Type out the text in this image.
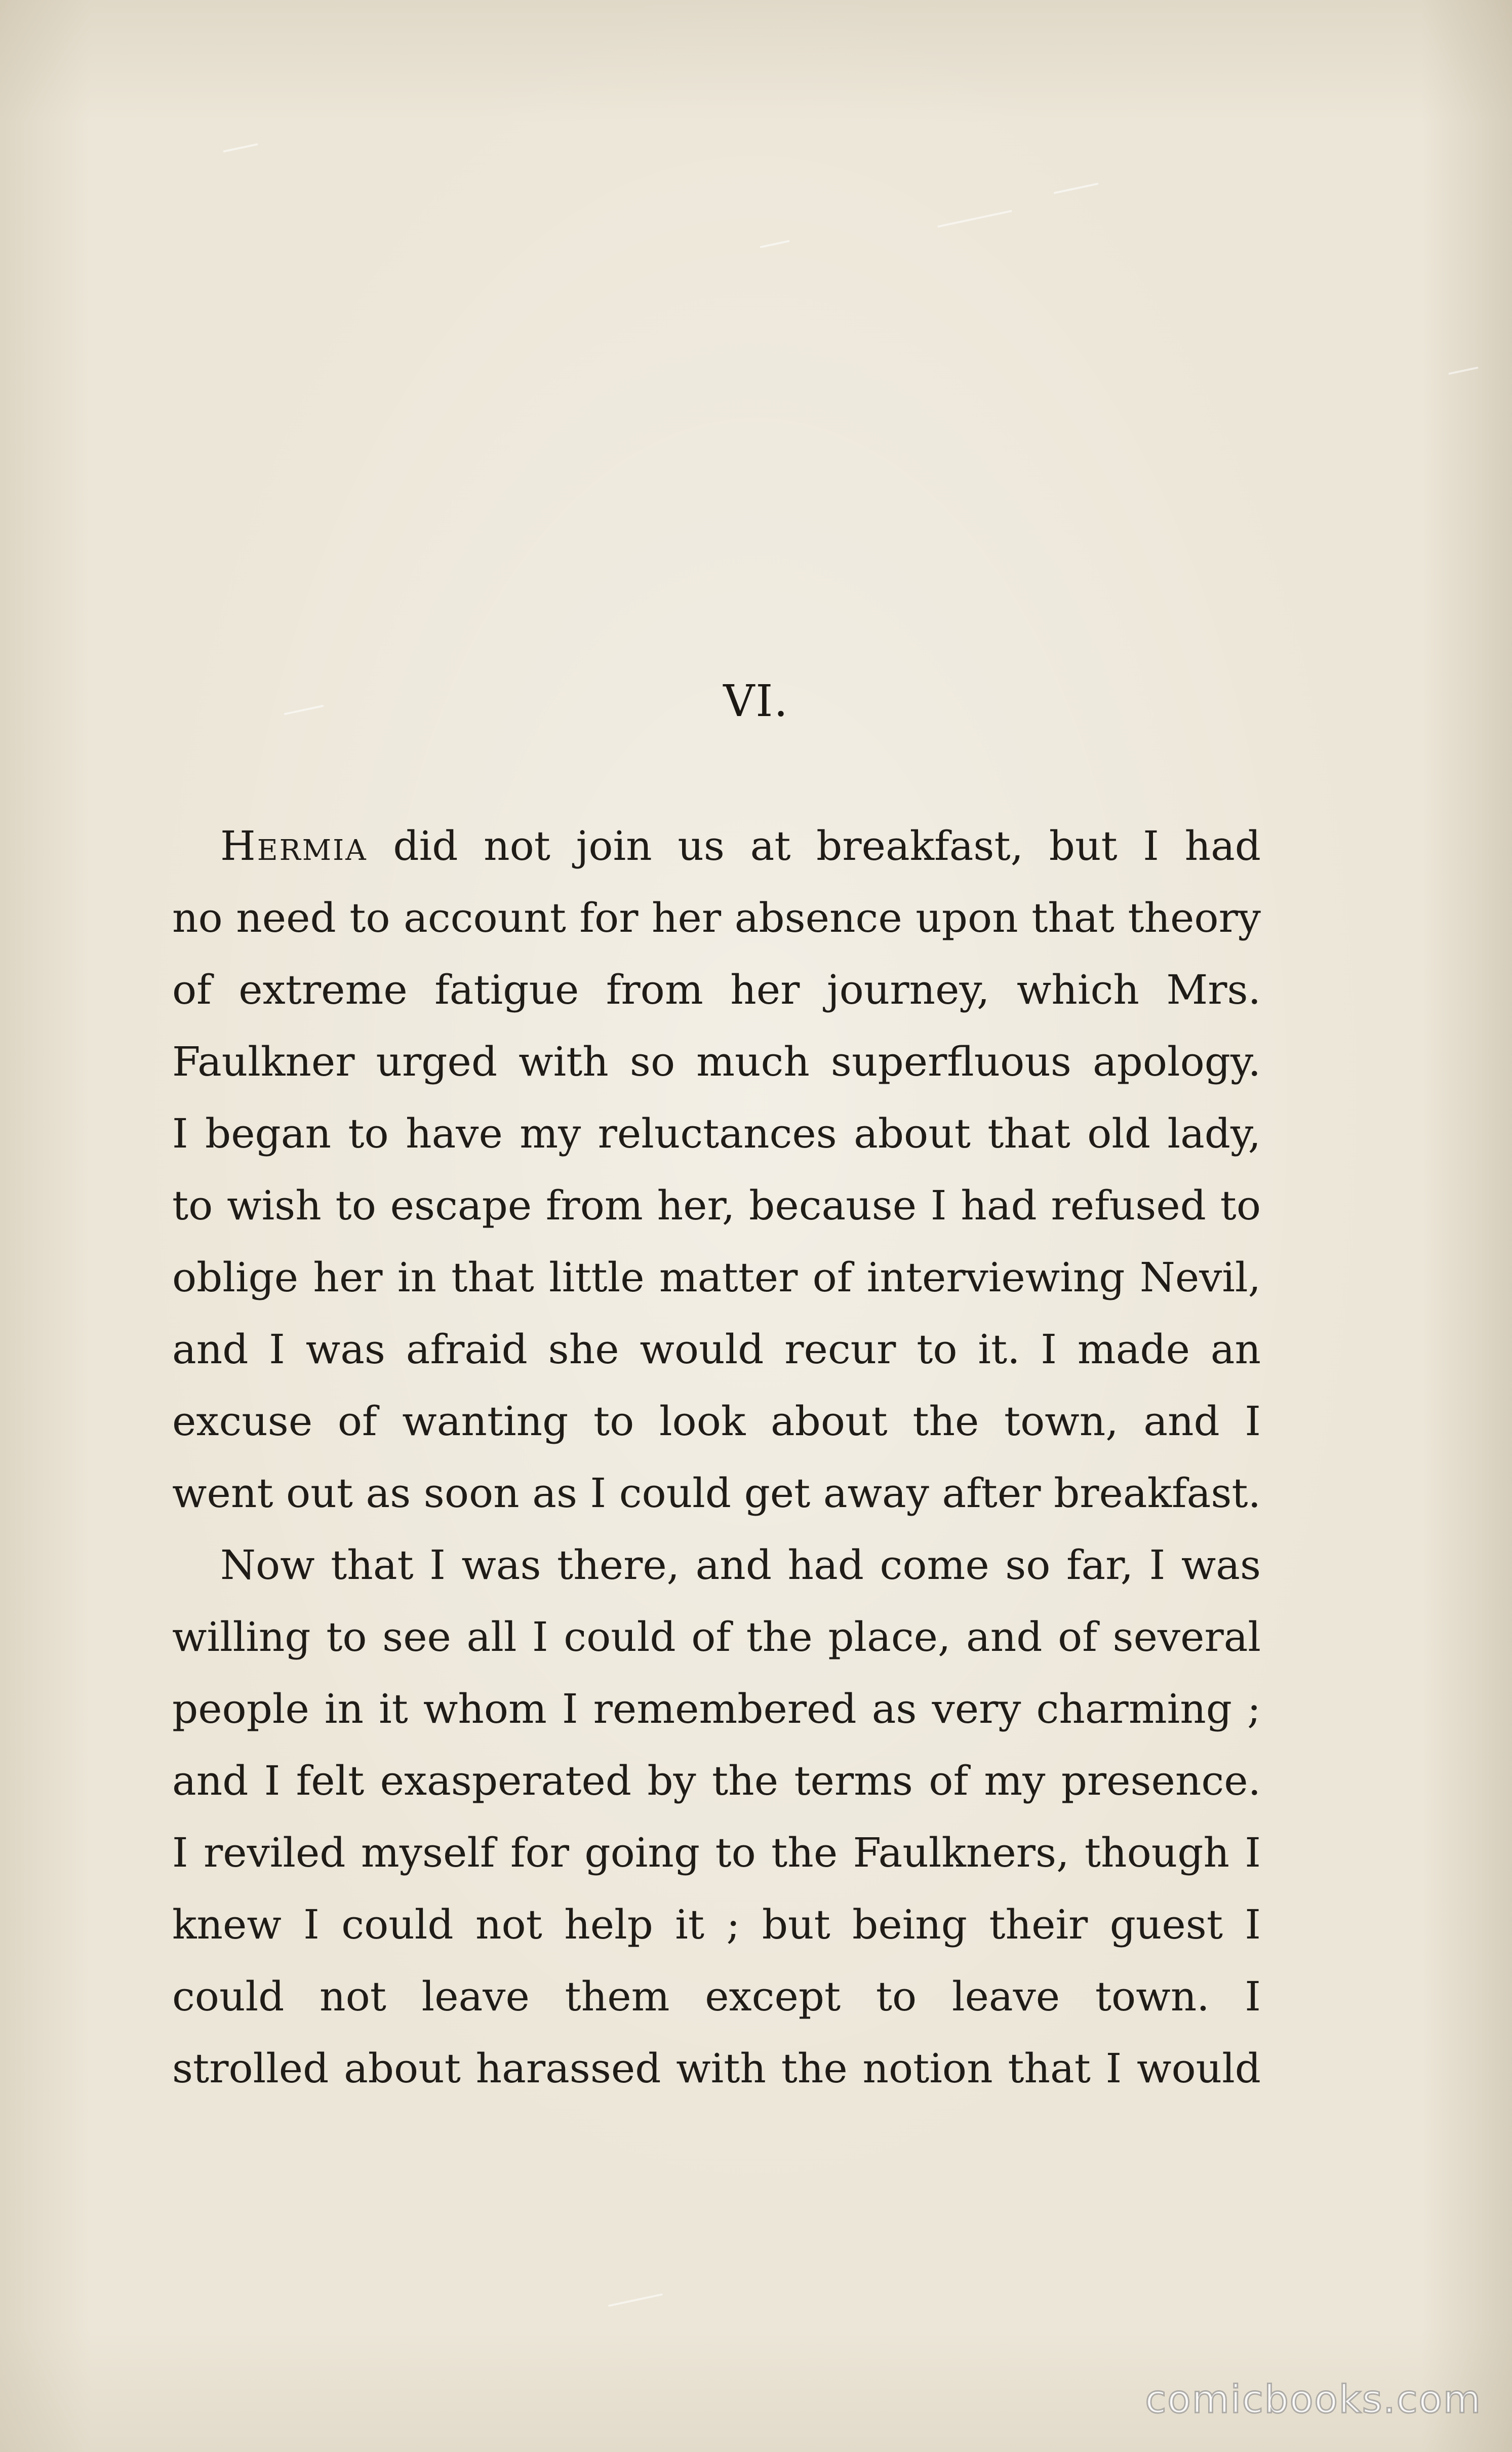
VI.
Hermia did not join us at breakfast, but I had
no need to account for her absence upon that theory
of extreme fatigue from her journey, which Mrs.
Faulkner urged with so much superfluous apology.
I began to have my reluctances about that old lady,
to wish to escape from her, because I had refused to
oblige her in that little matter of interviewing Nevil,
and I was afraid she would recur to it. I made an
excuse of wanting to look about the town, and I
went out as soon as I could get away after breakfast.
Now that I was there, and had come so far, I was
willing to see all I could of the place, and of several
people in it whom I remembered as very charming ;
and I felt exasperated by the terms of my presence.
I reviled myself for going to the Faulkners, though I
knew I could not help it ; but being their guest I
could not leave them except to leave town. I
strolled about harassed with the notion that I would
comicbooks.com
